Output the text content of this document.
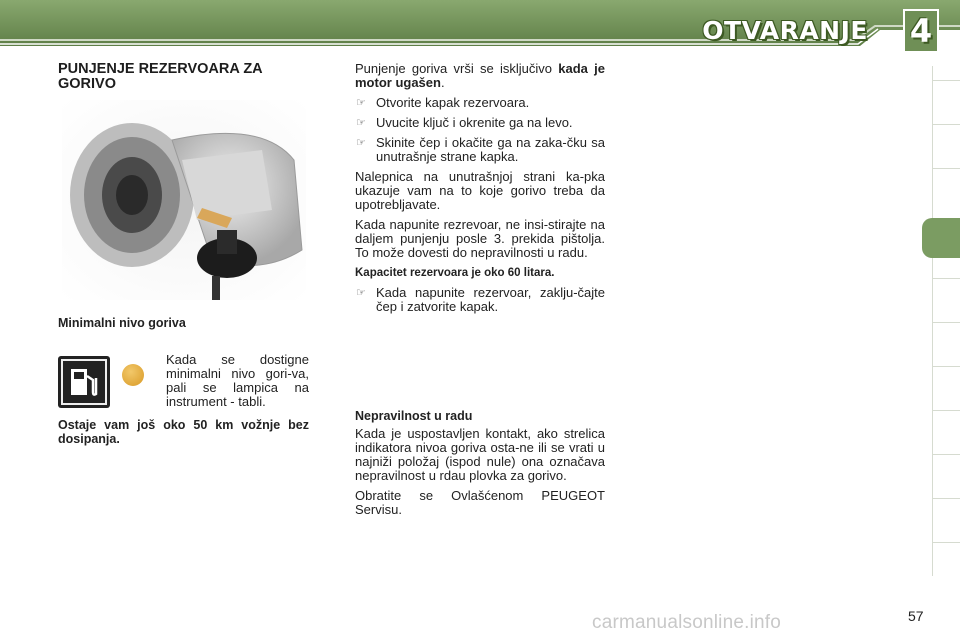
OTVARANJE 4
PUNJENJE REZERVOARA ZA GORIVO
Minimalni nivo goriva
Kada se dostigne minimalni nivo gori-va, pali se lampica na instrument - tabli.
Ostaje vam još oko 50 km vožnje bez dosipanja.

Punjenje goriva vrši se isključivo kada je motor ugašen.

☞ Otvorite kapak rezervoara.
☞ Uvucite ključ i okrenite ga na levo.
☞ Skinite čep i okačite ga na zaka-čku sa unutrašnje strane kapka.

Nalepnica na unutrašnjoj strani ka-pka ukazuje vam na to koje gorivo treba da upotrebljavate.

Kada napunite rezrevoar, ne insi-stirajte na daljem punjenju posle 3. prekida pištolja. To može dovesti do nepravilnosti u radu.

Kapacitet rezervoara je oko 60 litara.
☞ Kada napunite rezervoar, zaklju-čajte čep i zatvorite kapak.
Nepravilnost u radu

Kada je uspostavljen kontakt, ako strelica indikatora nivoa goriva osta-ne ili se vrati u najniži položaj (ispod nule) ona označava nepravilnost u rdau plovka za gorivo.

Obratite se Ovlašćenom PEUGEOT Servisu.

carmanualsonline.info	57
